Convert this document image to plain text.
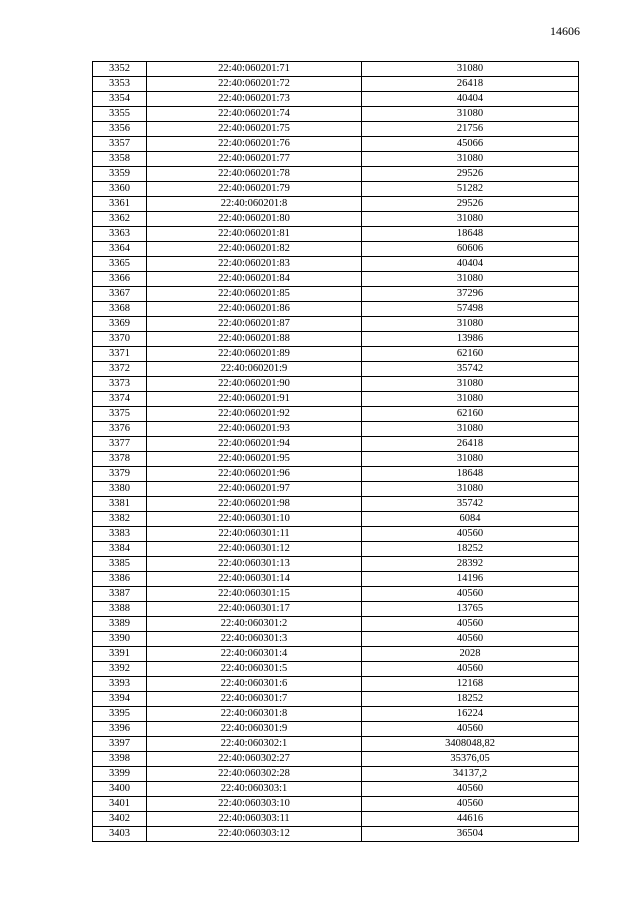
14606
3352	22:40:060201:71	31080
3353	22:40:060201:72	26418
3354	22:40:060201:73	40404
3355	22:40:060201:74	31080
3356	22:40:060201:75	21756
3357	22:40:060201:76	45066
3358	22:40:060201:77	31080
3359	22:40:060201:78	29526
3360	22:40:060201:79	51282
3361	22:40:060201:8	29526
3362	22:40:060201:80	31080
3363	22:40:060201:81	18648
3364	22:40:060201:82	60606
3365	22:40:060201:83	40404
3366	22:40:060201:84	31080
3367	22:40:060201:85	37296
3368	22:40:060201:86	57498
3369	22:40:060201:87	31080
3370	22:40:060201:88	13986
3371	22:40:060201:89	62160
3372	22:40:060201:9	35742
3373	22:40:060201:90	31080
3374	22:40:060201:91	31080
3375	22:40:060201:92	62160
3376	22:40:060201:93	31080
3377	22:40:060201:94	26418
3378	22:40:060201:95	31080
3379	22:40:060201:96	18648
3380	22:40:060201:97	31080
3381	22:40:060201:98	35742
3382	22:40:060301:10	6084
3383	22:40:060301:11	40560
3384	22:40:060301:12	18252
3385	22:40:060301:13	28392
3386	22:40:060301:14	14196
3387	22:40:060301:15	40560
3388	22:40:060301:17	13765
3389	22:40:060301:2	40560
3390	22:40:060301:3	40560
3391	22:40:060301:4	2028
3392	22:40:060301:5	40560
3393	22:40:060301:6	12168
3394	22:40:060301:7	18252
3395	22:40:060301:8	16224
3396	22:40:060301:9	40560
3397	22:40:060302:1	3408048,82
3398	22:40:060302:27	35376,05
3399	22:40:060302:28	34137,2
3400	22:40:060303:1	40560
3401	22:40:060303:10	40560
3402	22:40:060303:11	44616
3403	22:40:060303:12	36504
